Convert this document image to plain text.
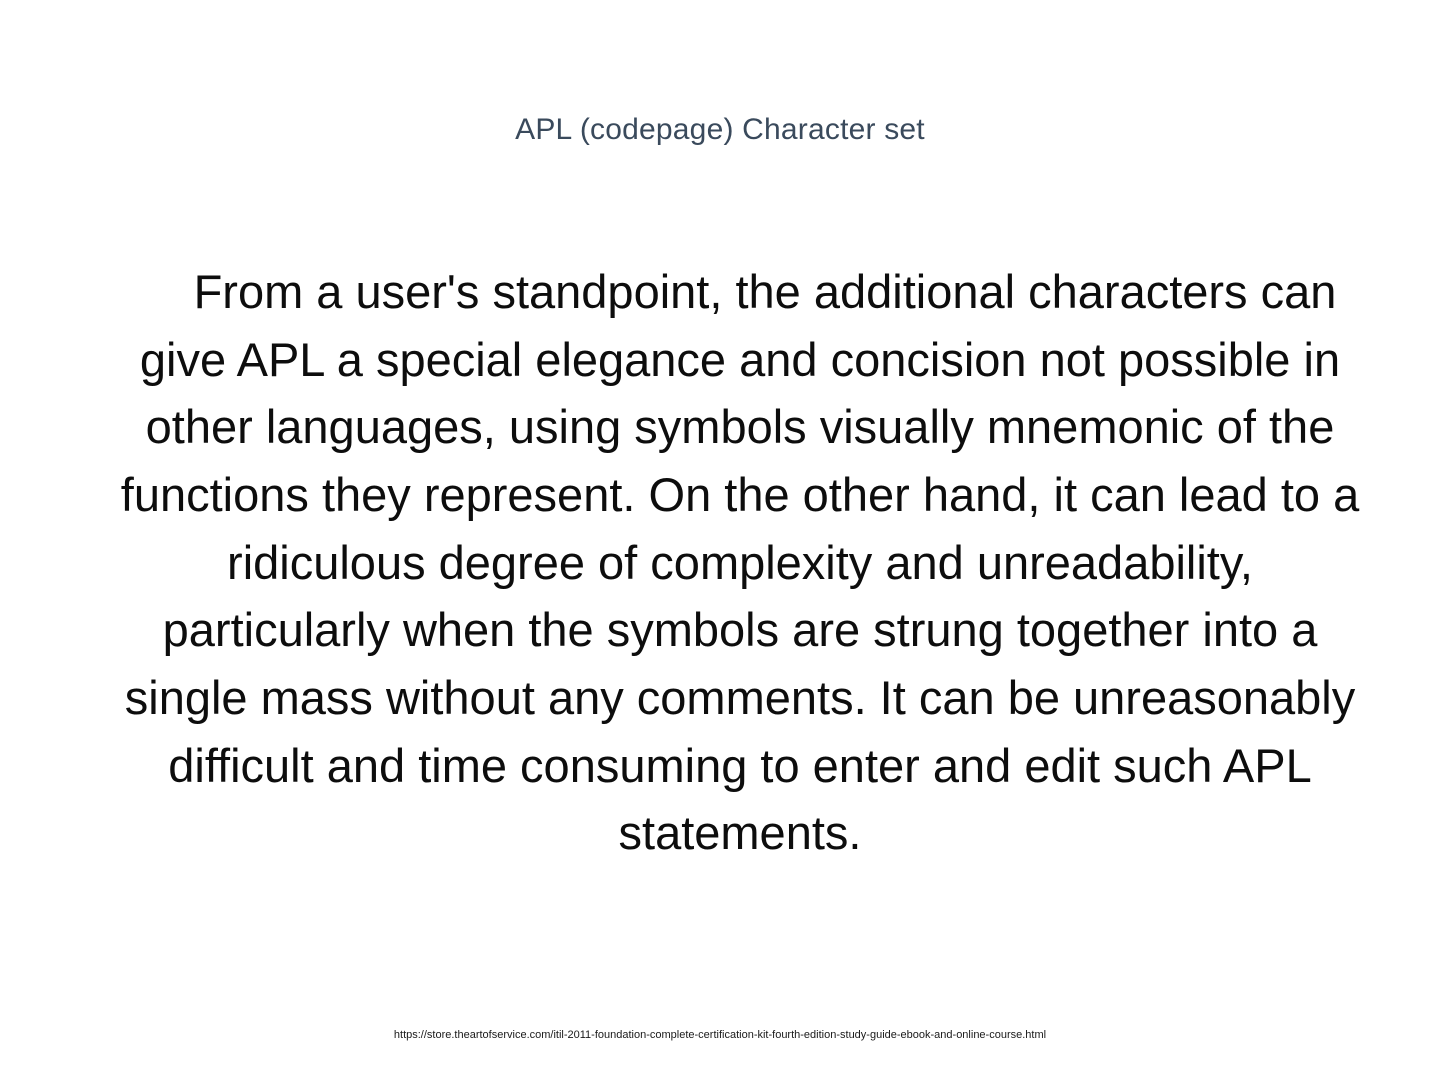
APL (codepage) Character set
From a user's standpoint, the additional characters can give APL a special elegance and concision not possible in other languages, using symbols visually mnemonic of the functions they represent. On the other hand, it can lead to a ridiculous degree of complexity and unreadability, particularly when the symbols are strung together into a single mass without any comments. It can be unreasonably difficult and time consuming to enter and edit such APL statements.
https://store.theartofservice.com/itil-2011-foundation-complete-certification-kit-fourth-edition-study-guide-ebook-and-online-course.html
